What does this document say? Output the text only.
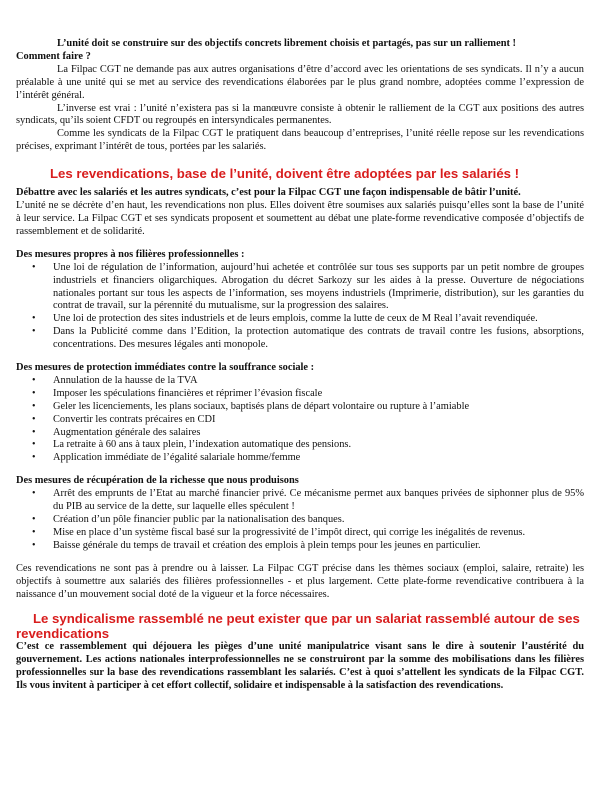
L’unité doit se construire sur des objectifs concrets librement choisis et partagés, pas sur un ralliement !

Comment faire ?

La Filpac CGT ne demande pas aux autres organisations d’être d’accord avec les orientations de ses syndicats. Il n’y a aucun préalable à une unité qui se met au service des revendications élaborées par le plus grand nombre, adoptées comme l’expression de l’intérêt général.

L’inverse est vrai : l’unité n’existera pas si la manœuvre consiste à obtenir le ralliement de la CGT aux positions des autres syndicats, qu’ils soient CFDT ou regroupés en intersyndicales permanentes.

Comme les syndicats de la Filpac CGT le pratiquent dans beaucoup d’entreprises, l’unité réelle repose sur les revendications précises, exprimant l’intérêt de tous, portées par les salariés.

Les revendications, base de l’unité, doivent être adoptées par les salariés !

Débattre avec les salariés et les autres syndicats, c’est pour la Filpac CGT une façon indispensable de bâtir l’unité.

L’unité ne se décrète d’en haut, les revendications non plus. Elles doivent être soumises aux salariés puisqu’elles sont la base de l’unité à leur service. La Filpac CGT et ses syndicats proposent et soumettent au débat une plate-forme revendicative composée d’objectifs de rassemblement et de solidarité.

Des mesures propres à nos filières professionnelles :

• Une loi de régulation de l’information, aujourd’hui achetée et contrôlée sur tous ses supports par un petit nombre de groupes industriels et financiers oligarchiques. Abrogation du décret Sarkozy sur les aides à la presse. Ouverture de négociations nationales portant sur tous les aspects de l’information, ses moyens industriels (Imprimerie, distribution), sur les garanties du contrat de travail, sur la pérennité du mutualisme, sur la progression des salaires.
• Une loi de protection des sites industriels et de leurs emplois, comme la lutte de ceux de M Real l’avait revendiquée.
• Dans la Publicité comme dans l’Edition, la protection automatique des contrats de travail contre les fusions, absorptions, concentrations. Des mesures légales anti monopole.

Des mesures de protection immédiates contre la souffrance sociale :

• Annulation de la hausse de la TVA
• Imposer les spéculations financières et réprimer l’évasion fiscale
• Geler les licenciements, les plans sociaux, baptisés plans de départ volontaire ou rupture à l’amiable
• Convertir les contrats précaires en CDI
• Augmentation générale des salaires
• La retraite à 60 ans à taux plein, l’indexation automatique des pensions.
• Application immédiate de l’égalité salariale homme/femme

Des mesures de récupération de la richesse que nous produisons

• Arrêt des emprunts de l’Etat au marché financier privé. Ce mécanisme permet aux banques privées de siphonner plus de 95% du PIB au service de la dette, sur laquelle elles spéculent !
• Création d’un pôle financier public par la nationalisation des banques.
• Mise en place d’un système fiscal basé sur la progressivité de l’impôt direct, qui corrige les inégalités de revenus.
• Baisse générale du temps de travail et création des emplois à plein temps pour les jeunes en particulier.

Ces revendications ne sont pas à prendre ou à laisser. La Filpac CGT précise dans les thèmes sociaux (emploi, salaire, retraite) les objectifs à soumettre aux salariés des filières professionnelles - et plus largement. Cette plate-forme revendicative contribuera à la naissance d’un mouvement social doté de la vigueur et la force nécessaires.

Le syndicalisme rassemblé ne peut exister que par un salariat rassemblé autour de ses
revendications

C’est ce rassemblement qui déjouera les pièges d’une unité manipulatrice visant sans le dire à soutenir l’austérité du gouvernement. Les actions nationales interprofessionnelles ne se construiront par la somme des mobilisations dans les filières professionnelles sur la base des revendications rassemblant les salariés. C’est à quoi s’attellent les syndicats de la Filpac CGT. Ils vous invitent à participer à cet effort collectif, solidaire et indispensable à la satisfaction des revendications.
